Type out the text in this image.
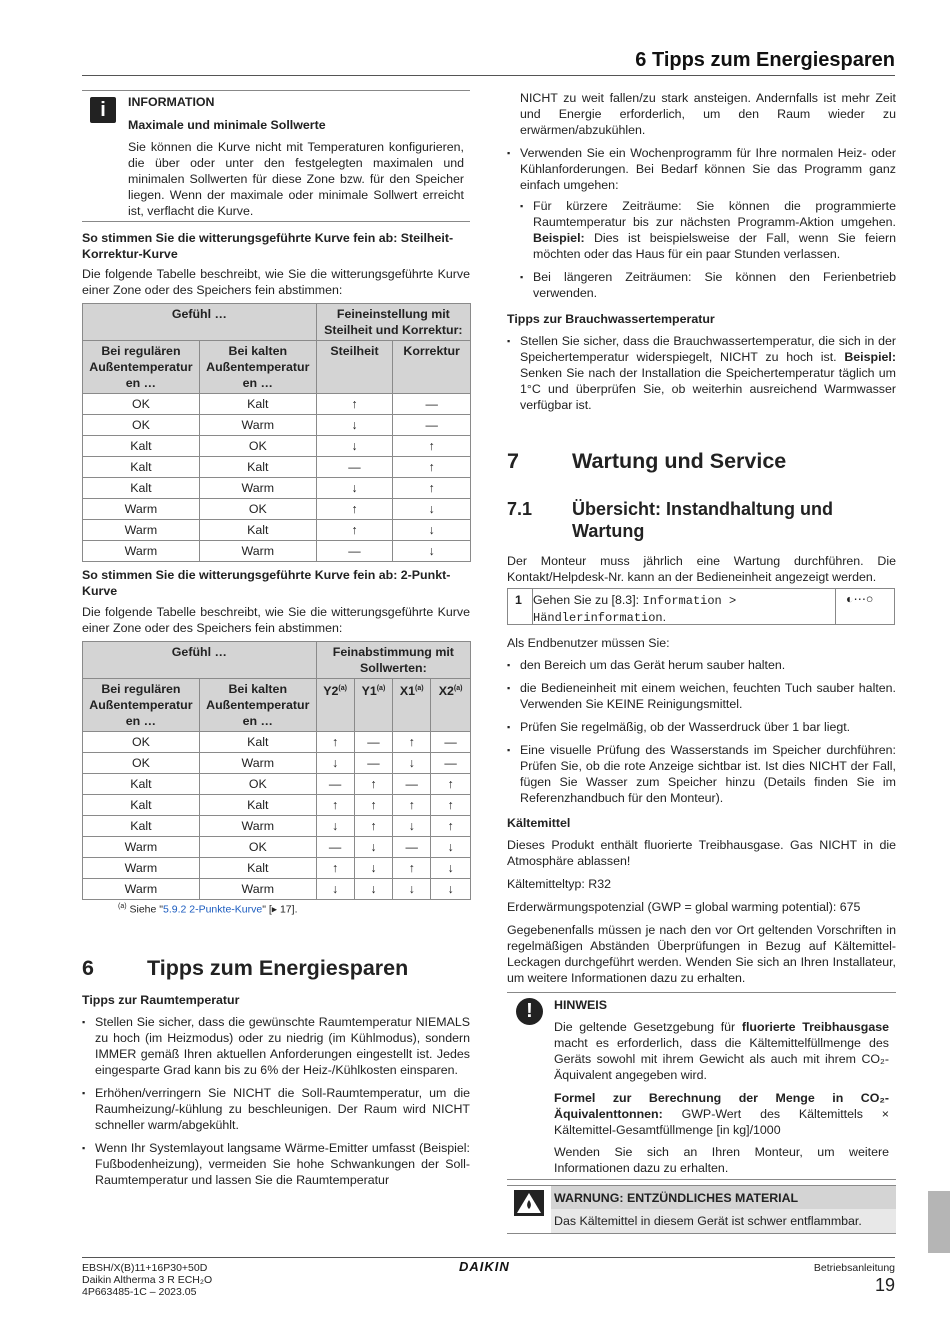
6 Tipps zum Energiesparen
i	INFORMATION
Maximale und minimale Sollwerte

Sie können die Kurve nicht mit Temperaturen konfigurieren, die über oder unter den festgelegten maximalen und minimalen Sollwerten für diese Zone bzw. für den Speicher liegen. Wenn der maximale oder minimale Sollwert erreicht ist, verflacht die Kurve.

So stimmen Sie die witterungsgeführte Kurve fein ab: Steilheit-Korrektur-Kurve

Die folgende Tabelle beschreibt, wie Sie die witterungsgeführte Kurve einer Zone oder des Speichers fein abstimmen:

Gefühl …		Feineinstellung mit Steilheit und Korrektur:	
Bei regulären Außentemperatur en …	Bei kalten Außentemperatur en …	Steilheit	Korrektur
OK	Kalt	↑	—
OK	Warm	↓	—
Kalt	OK	↓	↑
Kalt	Kalt	—	↑
Kalt	Warm	↓	↑
Warm	OK	↑	↓
Warm	Kalt	↑	↓
Warm	Warm	—	↓
So stimmen Sie die witterungsgeführte Kurve fein ab: 2-Punkt-Kurve

Die folgende Tabelle beschreibt, wie Sie die witterungsgeführte Kurve einer Zone oder des Speichers fein abstimmen:

Gefühl …		Feinabstimmung mit Sollwerten:			
Bei regulären Außentemperatur en …	Bei kalten Außentemperatur en …	Y2$^{(a)}$	Y1$^{(a)}$	X1$^{(a)}$	X2$^{(a)}$
OK	Kalt	↑	—	↑	—
OK	Warm	↓	—	↓	—
Kalt	OK	—	↑	—	↑
Kalt	Kalt	↑	↑	↑	↑
Kalt	Warm	↓	↑	↓	↑
Warm	OK	—	↓	—	↓
Warm	Kalt	↑	↓	↑	↓
Warm	Warm	↓	↓	↓	↓
$^{(a)}$ Siehe "5.9.2 2-Punkte-Kurve" [▸ 17].
6 Tipps zum Energiesparen
Tipps zur Raumtemperatur
▪ Stellen Sie sicher, dass die gewünschte Raumtemperatur NIEMALS zu hoch (im Heizmodus) oder zu niedrig (im Kühlmodus), sondern IMMER gemäß Ihren aktuellen Anforderungen eingestellt ist. Jedes eingesparte Grad kann bis zu 6% der Heiz-/Kühlkosten einsparen.
▪ Erhöhen/verringern Sie NICHT die Soll-Raumtemperatur, um die Raumheizung/-kühlung zu beschleunigen. Der Raum wird NICHT schneller warm/abgekühlt.
▪ Wenn Ihr Systemlayout langsame Wärme-Emitter umfasst (Beispiel: Fußbodenheizung), vermeiden Sie hohe Schwankungen der Soll-Raumtemperatur und lassen Sie die Raumtemperatur

NICHT zu weit fallen/zu stark ansteigen. Andernfalls ist mehr Zeit und Energie erforderlich, um den Raum wieder zu erwärmen/abzukühlen.

▪ Verwenden Sie ein Wochenprogramm für Ihre normalen Heiz- oder Kühlanforderungen. Bei Bedarf können Sie das Programm ganz einfach umgehen:
▪ Für kürzere Zeiträume: Sie können die programmierte Raumtemperatur bis zur nächsten Programm-Aktion umgehen. Beispiel: Dies ist beispielsweise der Fall, wenn Sie feiern möchten oder das Haus für ein paar Stunden verlassen.
▪ Bei längeren Zeiträumen: Sie können den Ferienbetrieb verwenden.
Tipps zur Brauchwassertemperatur
▪ Stellen Sie sicher, dass die Brauchwassertemperatur, die sich in der Speichertemperatur widerspiegelt, NICHT zu hoch ist. Beispiel: Senken Sie nach der Installation die Speichertemperatur täglich um 1°C und überprüfen Sie, ob weiterhin ausreichend Warmwasser verfügbar ist.
7 Wartung und Service
7.1 Übersicht: Instandhaltung und Wartung

Der Monteur muss jährlich eine Wartung durchführen. Die Kontakt/Helpdesk-Nr. kann an der Bedieneinheit angezeigt werden.

1 Gehen Sie zu [8.3]: Information > Händlerinformation.
◐⋯○

Als Endbenutzer müssen Sie:

▪ den Bereich um das Gerät herum sauber halten.
▪ die Bedieneinheit mit einem weichen, feuchten Tuch sauber halten. Verwenden Sie KEINE Reinigungsmittel.
▪ Prüfen Sie regelmäßig, ob der Wasserdruck über 1 bar liegt.
▪ Eine visuelle Prüfung des Wasserstands im Speicher durchführen: Prüfen Sie, ob die rote Anzeige sichtbar ist. Ist dies NICHT der Fall, fügen Sie Wasser zum Speicher hinzu (Details finden Sie im Referenzhandbuch für den Monteur).
Kältemittel

Dieses Produkt enthält fluorierte Treibhausgase. Gas NICHT in die Atmosphäre ablassen!

Kältemitteltyp: R32

Erderwärmungspotenzial (GWP = global warming potential): 675

Gegebenenfalls müssen je nach den vor Ort geltenden Vorschriften in regelmäßigen Abständen Überprüfungen in Bezug auf Kältemittel-Leckagen durchgeführt werden. Wenden Sie sich an Ihren Installateur, um weitere Informationen dazu zu erhalten.

!	HINWEIS

Die geltende Gesetzgebung für fluorierte Treibhausgase macht es erforderlich, dass die Kältemittelfüllmenge des Geräts sowohl mit ihrem Gewicht als auch mit ihrem CO₂-Äquivalent angegeben wird.

Formel zur Berechnung der Menge in CO₂-Äquivalenttonnen: GWP-Wert des Kältemittels × Kältemittel-Gesamtfüllmenge [in kg]/1000

Wenden Sie sich an Ihren Monteur, um weitere Informationen dazu zu erhalten.

WARNUNG: ENTZÜNDLICHES MATERIAL
Das Kältemittel in diesem Gerät ist schwer entflammbar.
EBSH/X(B)11+16P30+50D
Daikin Altherma 3 R ECH₂O
4P663485-1C – 2023.05
DAIKIN	Betriebsanleitung
19
